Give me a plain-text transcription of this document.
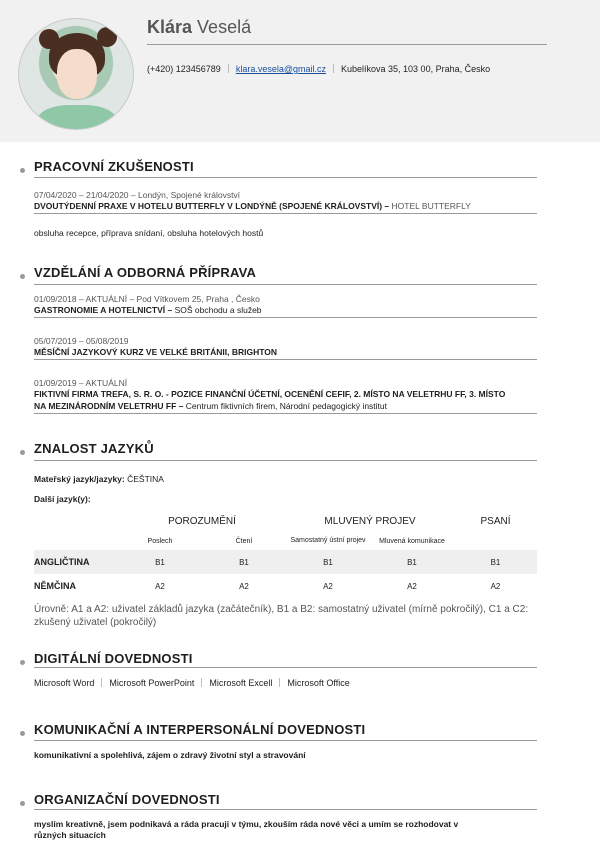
Klára Veselá
(+420) 123456789 klara.vesela@gmail.cz Kubelíkova 35, 103 00, Praha, Česko
PRACOVNÍ ZKUŠENOSTI
07/04/2020 – 21/04/2020 – Londýn, Spojené království
DVOUTÝDENNÍ PRAXE V HOTELU BUTTERFLY V LONDÝNĚ (SPOJENÉ KRÁLOVSTVÍ) – HOTEL BUTTERFLY
obsluha recepce, příprava snídaní, obsluha hotelových hostů
VZDĚLÁNÍ A ODBORNÁ PŘÍPRAVA
01/09/2018 – AKTUÁLNÍ – Pod Vítkovem 25, Praha , Česko
GASTRONOMIE A HOTELNICTVÍ – SOŠ obchodu a služeb
05/07/2019 – 05/08/2019
MĚSÍČNÍ JAZYKOVÝ KURZ VE VELKÉ BRITÁNII, BRIGHTON
01/09/2019 – AKTUÁLNÍ
FIKTIVNÍ FIRMA TREFA, S. R. O. - POZICE FINANČNÍ ÚČETNÍ, OCENĚNÍ CEFIF, 2. MÍSTO NA VELETRHU FF, 3. MÍSTO
NA MEZINÁRODNÍM VELETRHU FF – Centrum fiktivních firem, Národní pedagogický institut
ZNALOST JAZYKŮ
Mateřský jazyk/jazyky: ČEŠTINA
Další jazyk(y):
	POROZUMĚNÍ		MLUVENÝ PROJEV		PSANÍ
	Poslech	Čtení	Samostatný ústní projev	Mluvená komunikace	
ANGLIČTINA	B1	B1	B1	B1	B1
NĚMČINA	A2	A2	A2	A2	A2
Úrovně: A1 a A2: uživatel základů jazyka (začátečník), B1 a B2: samostatný uživatel (mírně pokročilý), C1 a C2: zkušený uživatel (pokročilý)
DIGITÁLNÍ DOVEDNOSTI
Microsoft Word Microsoft PowerPoint Microsoft Excell Microsoft Office
KOMUNIKAČNÍ A INTERPERSONÁLNÍ DOVEDNOSTI
komunikativní a spolehlivá, zájem o zdravý životní styl a stravování
ORGANIZAČNÍ DOVEDNOSTI
myslím kreativně, jsem podnikavá a ráda pracuji v týmu, zkouším ráda nové věci a umím se rozhodovat v
různých situacích
